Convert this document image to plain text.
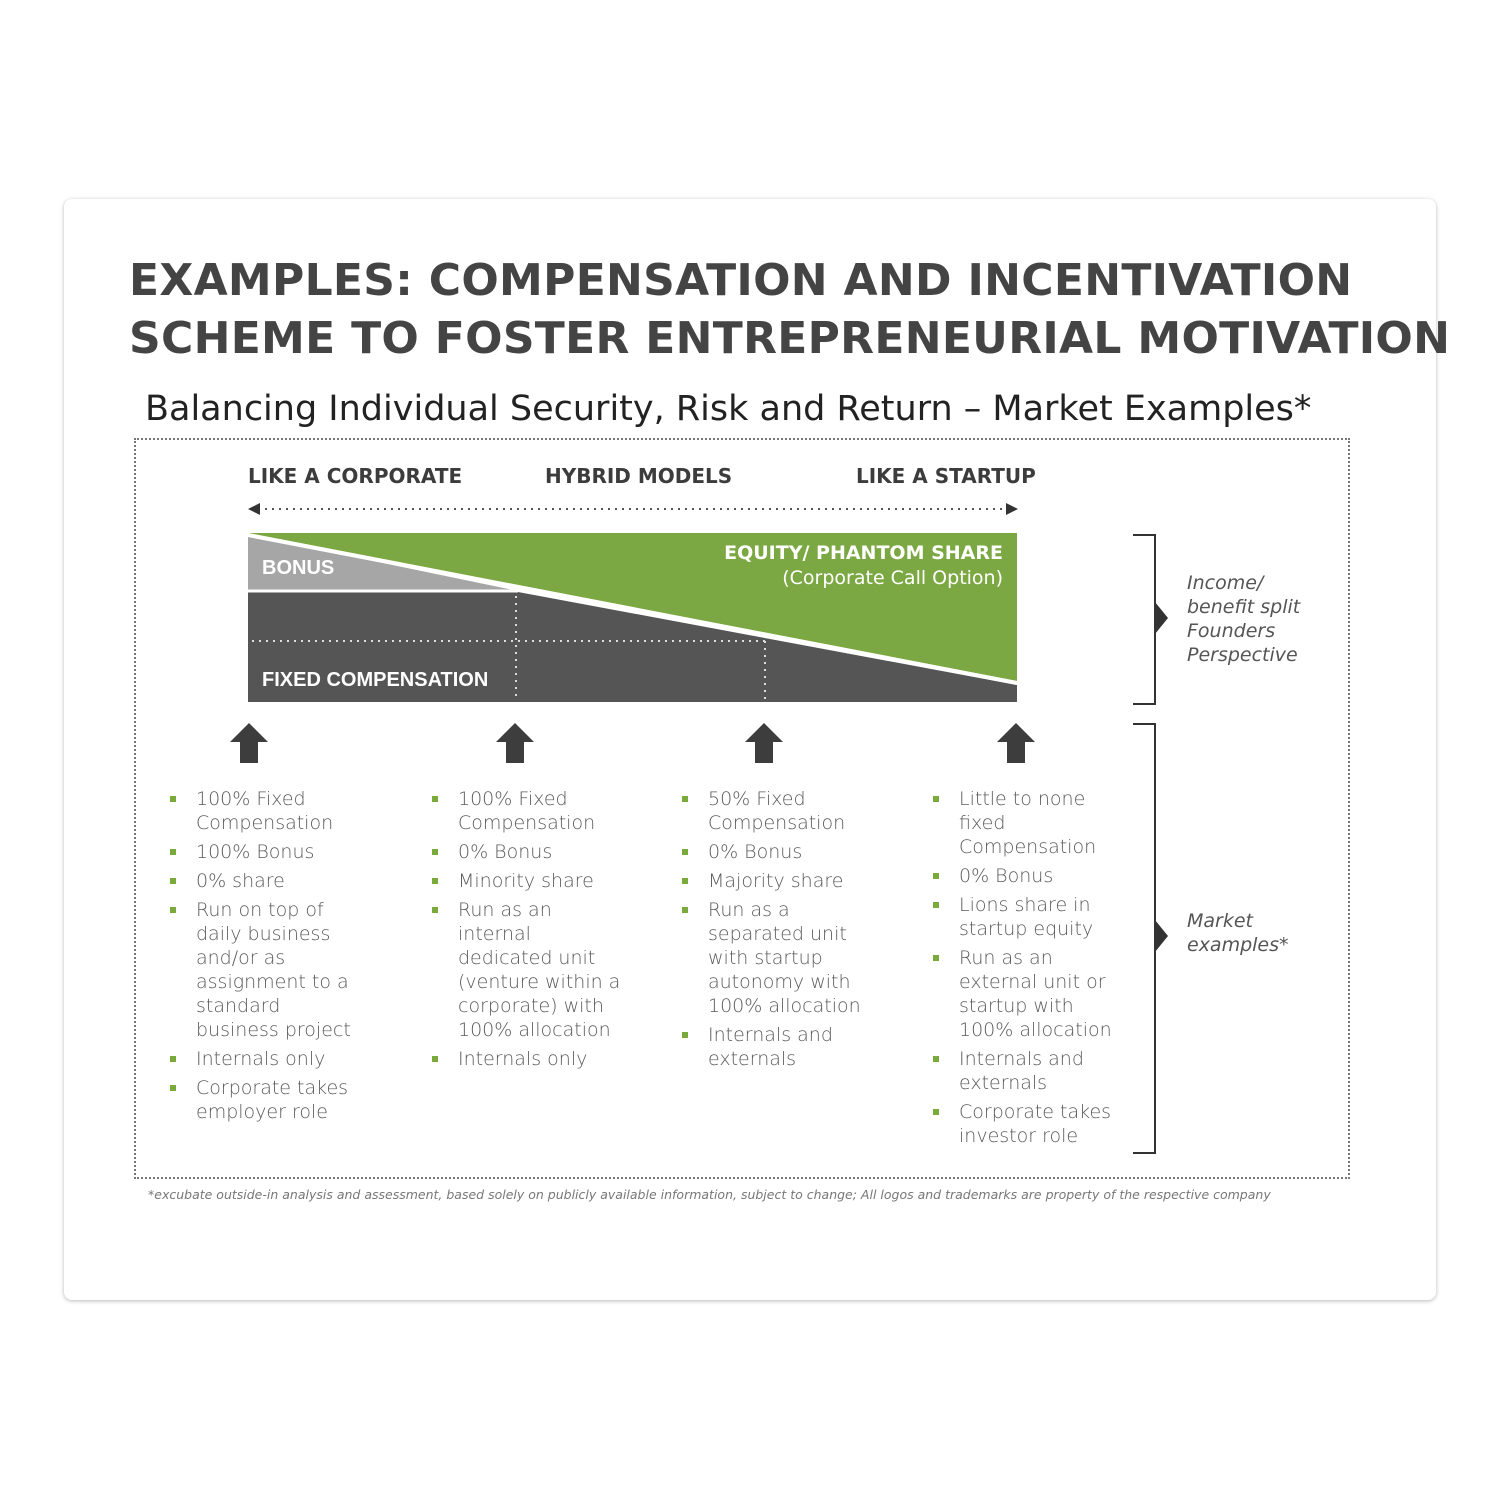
EXAMPLES: COMPENSATION AND INCENTIVATION
SCHEME TO FOSTER ENTREPRENEURIAL MOTIVATION
Balancing Individual Security, Risk and Return – Market Examples*
LIKE A CORPORATE	HYBRID MODELS	LIKE A STARTUP
BONUS
FIXED COMPENSATION
EQUITY/ PHANTOM SHARE
(Corporate Call Option)
100% Fixed Compensation
100% Bonus
0% share
Run on top of daily business and/or as assignment to a standard business project
Internals only
Corporate takes employer role
100% Fixed Compensation
0% Bonus
Minority share
Run as an internal dedicated unit (venture within a corporate) with 100% allocation
Internals only
50% Fixed Compensation
0% Bonus
Majority share
Run as a separated unit with startup autonomy with 100% allocation
Internals and externals
Little to none fixed Compensation
0% Bonus
Lions share in startup equity
Run as an external unit or startup with 100% allocation
Internals and externals
Corporate takes investor role
Income/
benefit split
Founders
Perspective
Market
examples*
*excubate outside-in analysis and assessment, based solely on publicly available information, subject to change; All logos and trademarks are property of the respective company
